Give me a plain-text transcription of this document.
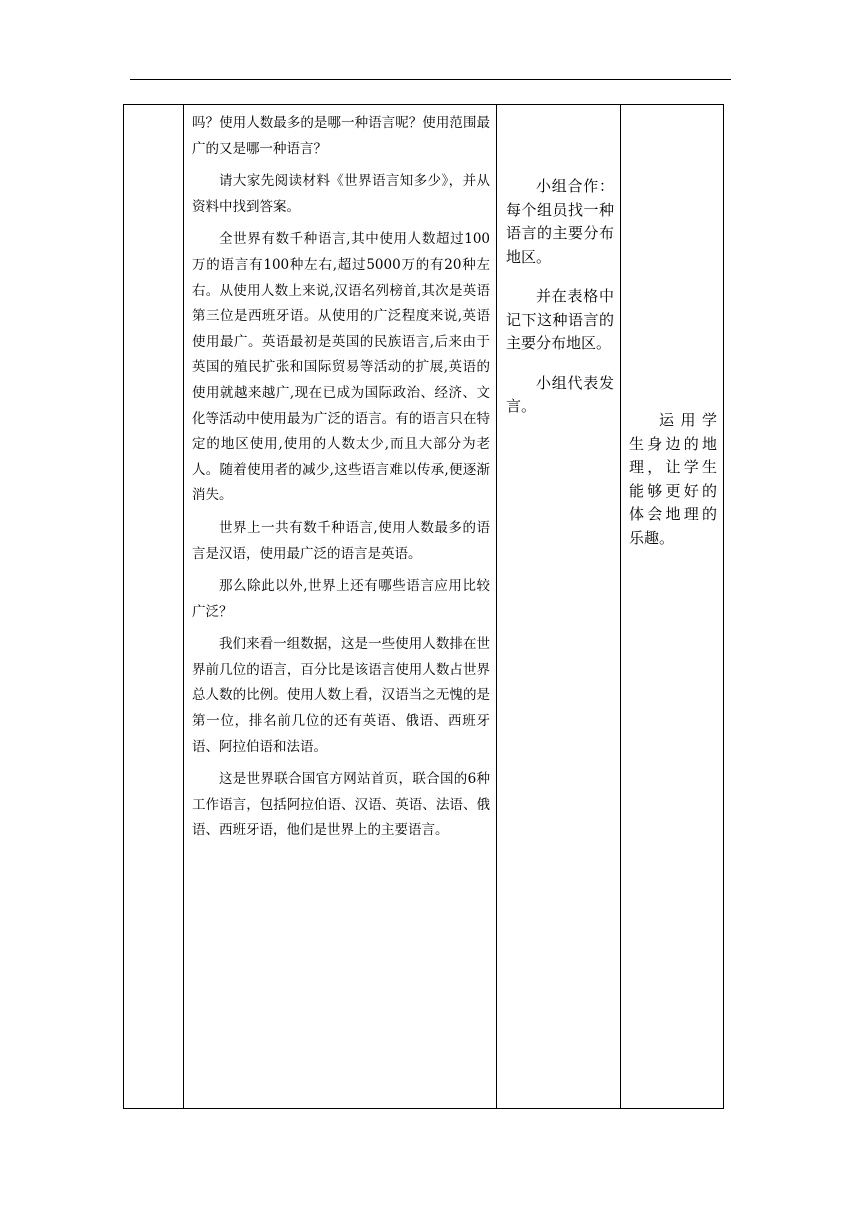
吗？使用人数最多的是哪一种语言呢？使用范围最广的又是哪一种语言？

请大家先阅读材料《世界语言知多少》，并从资料中找到答案。

全世界有数千种语言,其中使用人数超过100万的语言有100种左右,超过5000万的有20种左右。从使用人数上来说,汉语名列榜首,其次是英语第三位是西班牙语。从使用的广泛程度来说,英语使用最广。英语最初是英国的民族语言,后来由于英国的殖民扩张和国际贸易等活动的扩展,英语的使用就越来越广,现在已成为国际政治、经济、文化等活动中使用最为广泛的语言。有的语言只在特定的地区使用,使用的人数太少,而且大部分为老人。随着使用者的减少,这些语言难以传承,便逐渐消失。

世界上一共有数千种语言,使用人数最多的语言是汉语，使用最广泛的语言是英语。

那么除此以外,世界上还有哪些语言应用比较广泛？

我们来看一组数据，这是一些使用人数排在世界前几位的语言，百分比是该语言使用人数占世界总人数的比例。使用人数上看，汉语当之无愧的是第一位，排名前几位的还有英语、俄语、西班牙语、阿拉伯语和法语。

这是世界联合国官方网站首页，联合国的6种工作语言，包括阿拉伯语、汉语、英语、法语、俄语、西班牙语，他们是世界上的主要语言。

小组合作：每个组员找一种语言的主要分布地区。

并在表格中记下这种语言的主要分布地区。

小组代表发言。

运用学生身边的地理，让学生能够更好的体会地理的乐趣。
